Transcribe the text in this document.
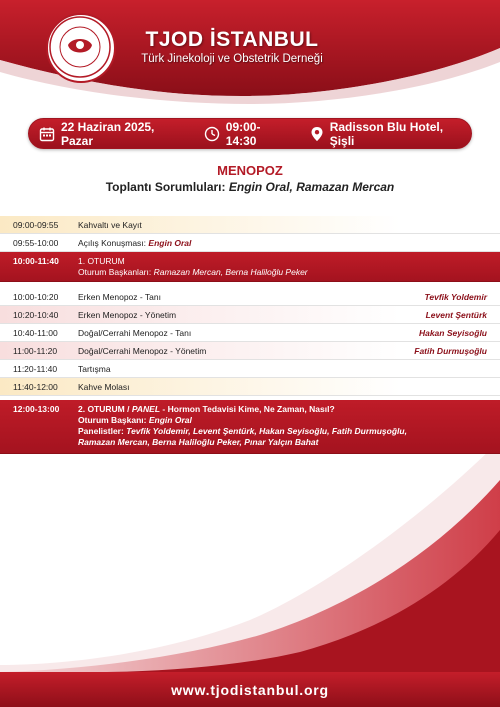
TJOD İSTANBUL
Türk Jinekoloji ve Obstetrik Derneği
22 Haziran 2025, Pazar
09:00-14:30
Radisson Blu Hotel, Şişli
MENOPOZ
Toplantı Sorumluları: Engin Oral, Ramazan Mercan
09:00-09:55	Kahvaltı ve Kayıt
09:55-10:00	Açılış Konuşması: Engin Oral
10:00-11:40	1. OTURUM
Oturum Başkanları: Ramazan Mercan, Berna Haliloğlu Peker
10:00-10:20	Erken Menopoz - Tanı	Tevfik Yoldemir
10:20-10:40	Erken Menopoz - Yönetim	Levent Şentürk
10:40-11:00	Doğal/Cerrahi Menopoz - Tanı	Hakan Seyisoğlu
11:00-11:20	Doğal/Cerrahi Menopoz - Yönetim	Fatih Durmuşoğlu
11:20-11:40	Tartışma
11:40-12:00	Kahve Molası
12:00-13:00	2. OTURUM / PANEL - Hormon Tedavisi Kime, Ne Zaman, Nasıl?
Oturum Başkanı: Engin Oral
Panelistler: Tevfik Yoldemir, Levent Şentürk, Hakan Seyisoğlu, Fatih Durmuşoğlu,
Ramazan Mercan, Berna Haliloğlu Peker, Pınar Yalçın Bahat
www.tjodistanbul.org
